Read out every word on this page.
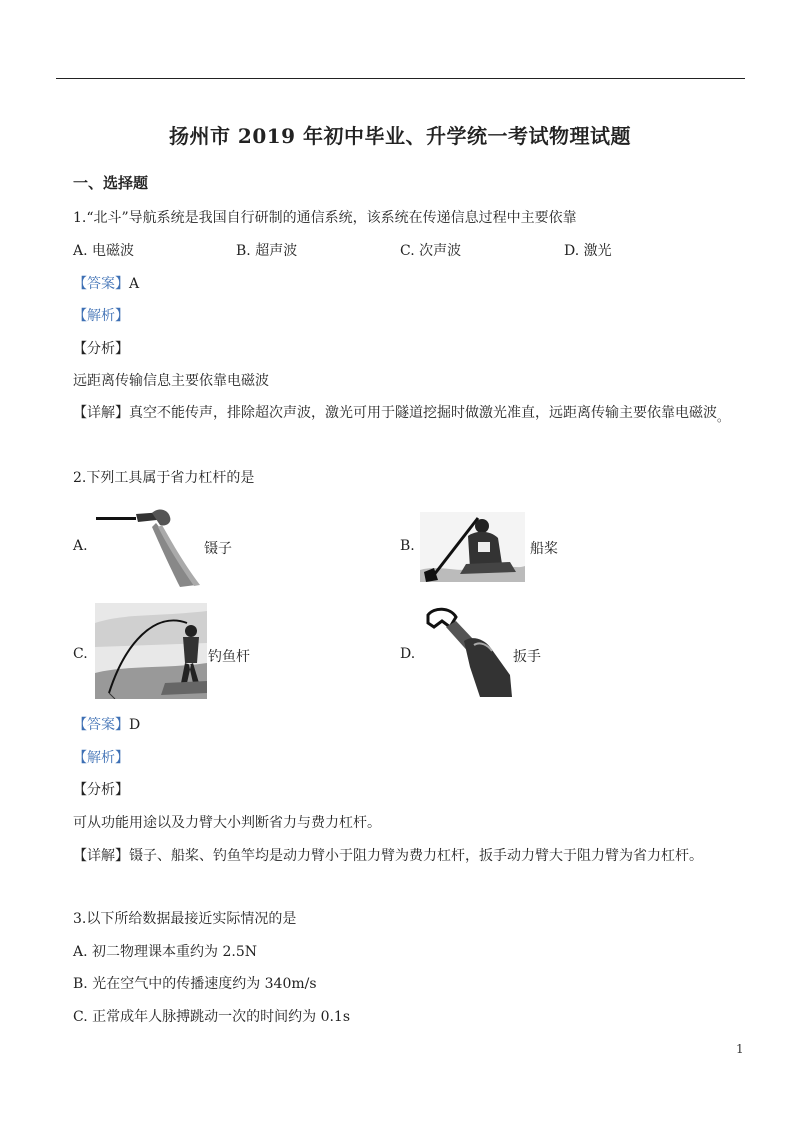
扬州市 2019 年初中毕业、升学统一考试物理试题
一、选择题
1.“北斗”导航系统是我国自行研制的通信系统，该系统在传递信息过程中主要依靠
A. 电磁波	B. 超声波	C. 次声波	D. 激光
【答案】A
【解析】
【分析】
远距离传输信息主要依靠电磁波
【详解】真空不能传声，排除超次声波，激光可用于隧道挖掘时做激光准直，远距离传输主要依靠电磁波。
2.下列工具属于省力杠杆的是
A.	镊子	B.	船桨
C.	钓鱼杆	D.	扳手
【答案】D
【解析】
【分析】
可从功能用途以及力臂大小判断省力与费力杠杆。
【详解】镊子、船桨、钓鱼竿均是动力臂小于阻力臂为费力杠杆，扳手动力臂大于阻力臂为省力杠杆。
3.以下所给数据最接近实际情况的是
A. 初二物理课本重约为 2.5N
B. 光在空气中的传播速度约为 340m/s
C. 正常成年人脉搏跳动一次的时间约为 0.1s
1
